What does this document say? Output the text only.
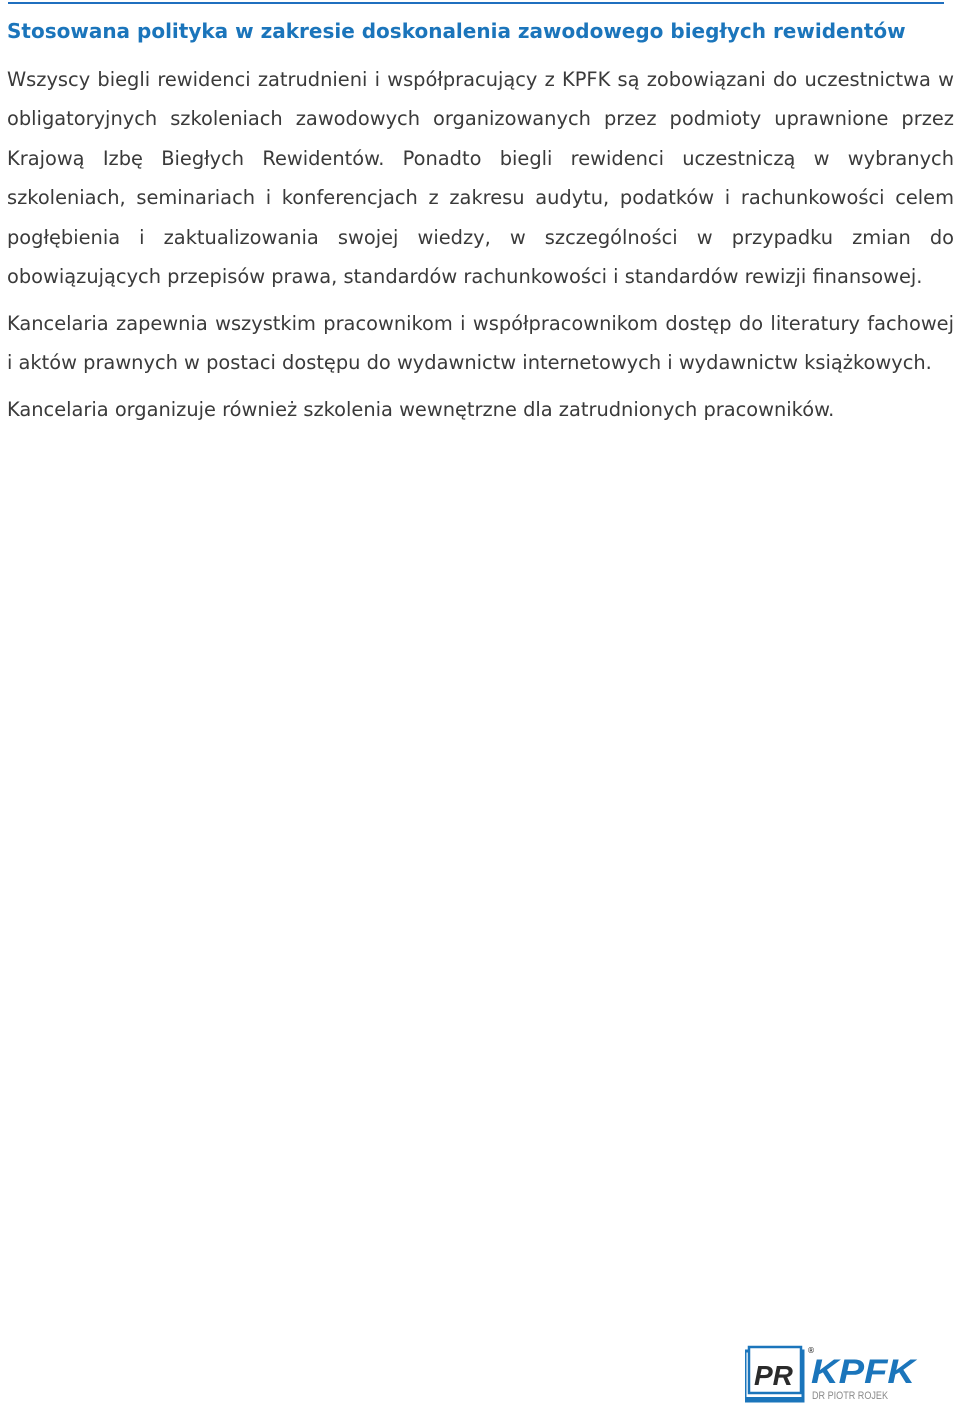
Stosowana polityka w zakresie doskonalenia zawodowego biegłych rewidentów

Wszyscy biegli rewidenci zatrudnieni i współpracujący z KPFK są zobowiązani do uczestnictwa w obligatoryjnych szkoleniach zawodowych organizowanych przez podmioty uprawnione przez Krajową Izbę Biegłych Rewidentów. Ponadto biegli rewidenci uczestniczą w wybranych szkoleniach, seminariach i konferencjach z zakresu audytu, podatków i rachunkowości celem pogłębienia i zaktualizowania swojej wiedzy, w szczególności w przypadku zmian do obowiązujących przepisów prawa, standardów rachunkowości i standardów rewizji finansowej.

Kancelaria zapewnia wszystkim pracownikom i współpracownikom dostęp do literatury fachowej i aktów prawnych w postaci dostępu do wydawnictw internetowych i wydawnictw książkowych.

Kancelaria organizuje również szkolenia wewnętrzne dla zatrudnionych pracowników.

PR KPFK
®
DR PIOTR ROJEK
